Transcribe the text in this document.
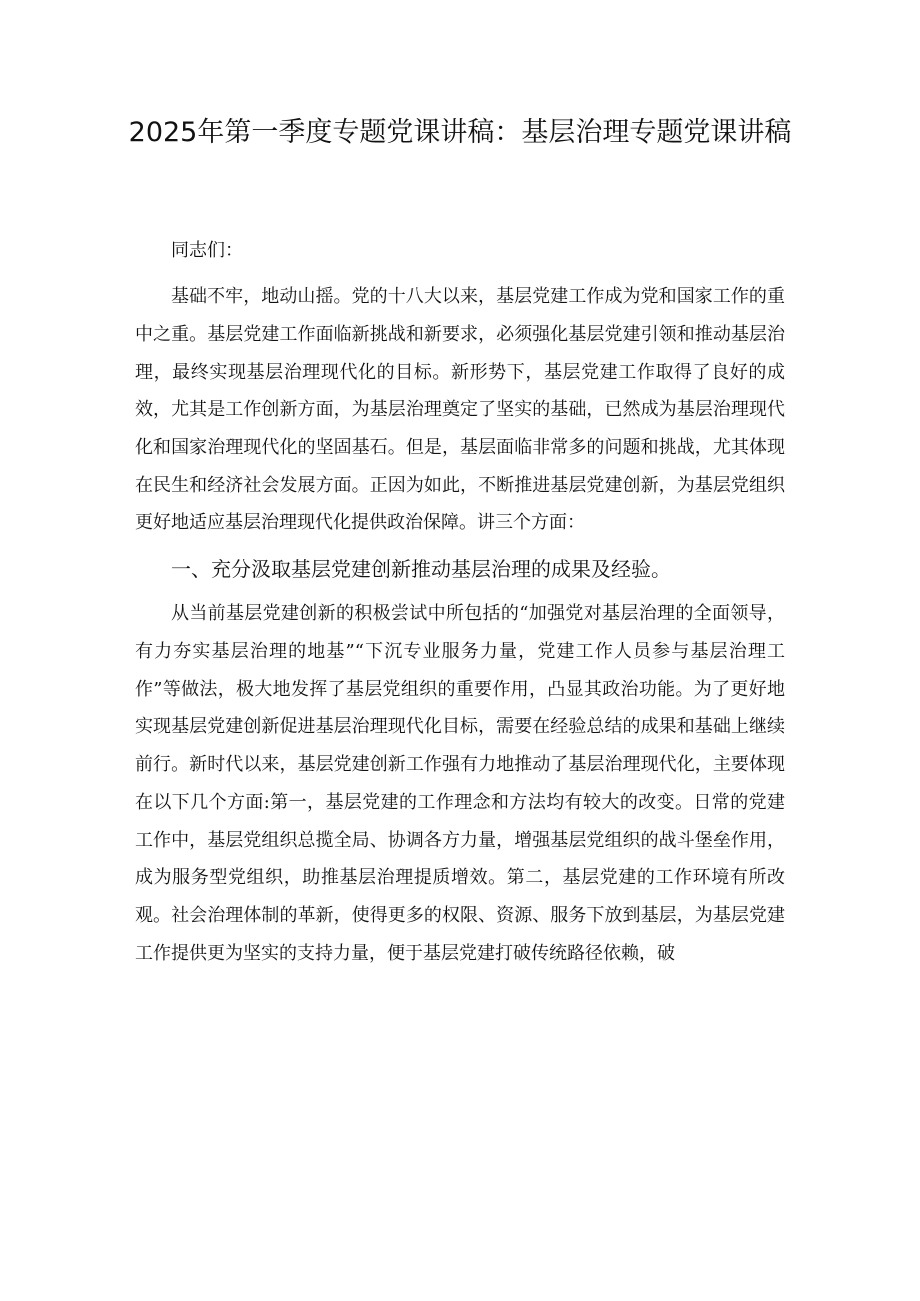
2025年第一季度专题党课讲稿：基层治理专题党课讲稿

同志们：

基础不牢，地动山摇。党的十八大以来，基层党建工作成为党和国家工作的重中之重。基层党建工作面临新挑战和新要求，必须强化基层党建引领和推动基层治理，最终实现基层治理现代化的目标。新形势下，基层党建工作取得了良好的成效，尤其是工作创新方面，为基层治理奠定了坚实的基础，已然成为基层治理现代化和国家治理现代化的坚固基石。但是，基层面临非常多的问题和挑战，尤其体现在民生和经济社会发展方面。正因为如此，不断推进基层党建创新，为基层党组织更好地适应基层治理现代化提供政治保障。讲三个方面：

一、充分汲取基层党建创新推动基层治理的成果及经验。

从当前基层党建创新的积极尝试中所包括的“加强党对基层治理的全面领导，有力夯实基层治理的地基”“下沉专业服务力量，党建工作人员参与基层治理工作”等做法，极大地发挥了基层党组织的重要作用，凸显其政治功能。为了更好地实现基层党建创新促进基层治理现代化目标，需要在经验总结的成果和基础上继续前行。新时代以来，基层党建创新工作强有力地推动了基层治理现代化，主要体现在以下几个方面:第一，基层党建的工作理念和方法均有较大的改变。日常的党建工作中，基层党组织总揽全局、协调各方力量，增强基层党组织的战斗堡垒作用，成为服务型党组织，助推基层治理提质增效。第二，基层党建的工作环境有所改观。社会治理体制的革新，使得更多的权限、资源、服务下放到基层，为基层党建工作提供更为坚实的支持力量，便于基层党建打破传统路径依赖，破
